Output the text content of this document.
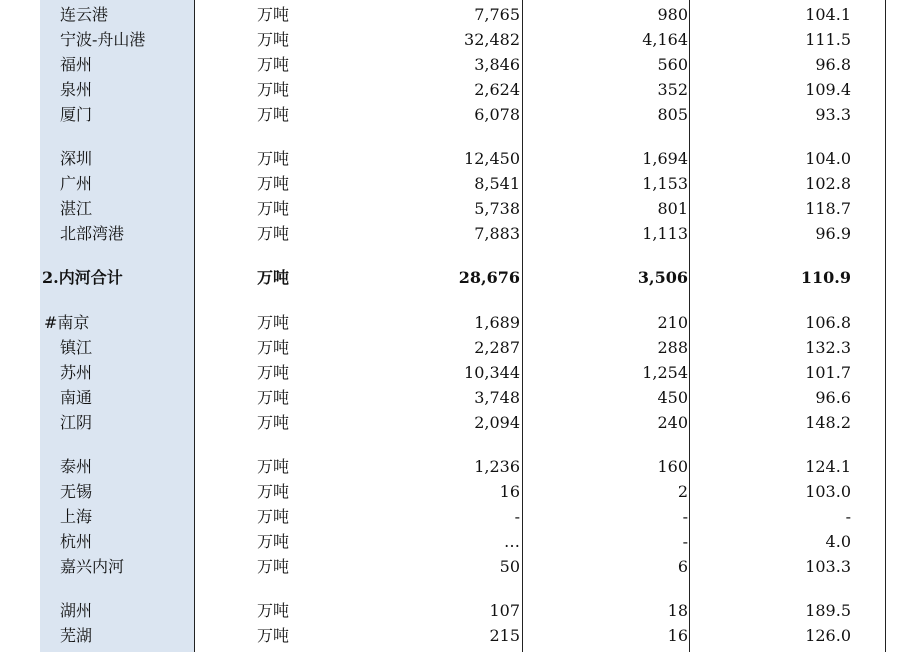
连云港	万吨	7,765	980	104.1
宁波-舟山港	万吨	32,482	4,164	111.5
福州	万吨	3,846	560	96.8
泉州	万吨	2,624	352	109.4
厦门	万吨	6,078	805	93.3
深圳	万吨	12,450	1,694	104.0
广州	万吨	8,541	1,153	102.8
湛江	万吨	5,738	801	118.7
北部湾港	万吨	7,883	1,113	96.9
2.内河合计	万吨	28,676	3,506	110.9
#南京	万吨	1,689	210	106.8
镇江	万吨	2,287	288	132.3
苏州	万吨	10,344	1,254	101.7
南通	万吨	3,748	450	96.6
江阴	万吨	2,094	240	148.2
泰州	万吨	1,236	160	124.1
无锡	万吨	16	2	103.0
上海	万吨	-	-	-
杭州	万吨	…	-	4.0
嘉兴内河	万吨	50	6	103.3
湖州	万吨	107	18	189.5
芜湖	万吨	215	16	126.0
